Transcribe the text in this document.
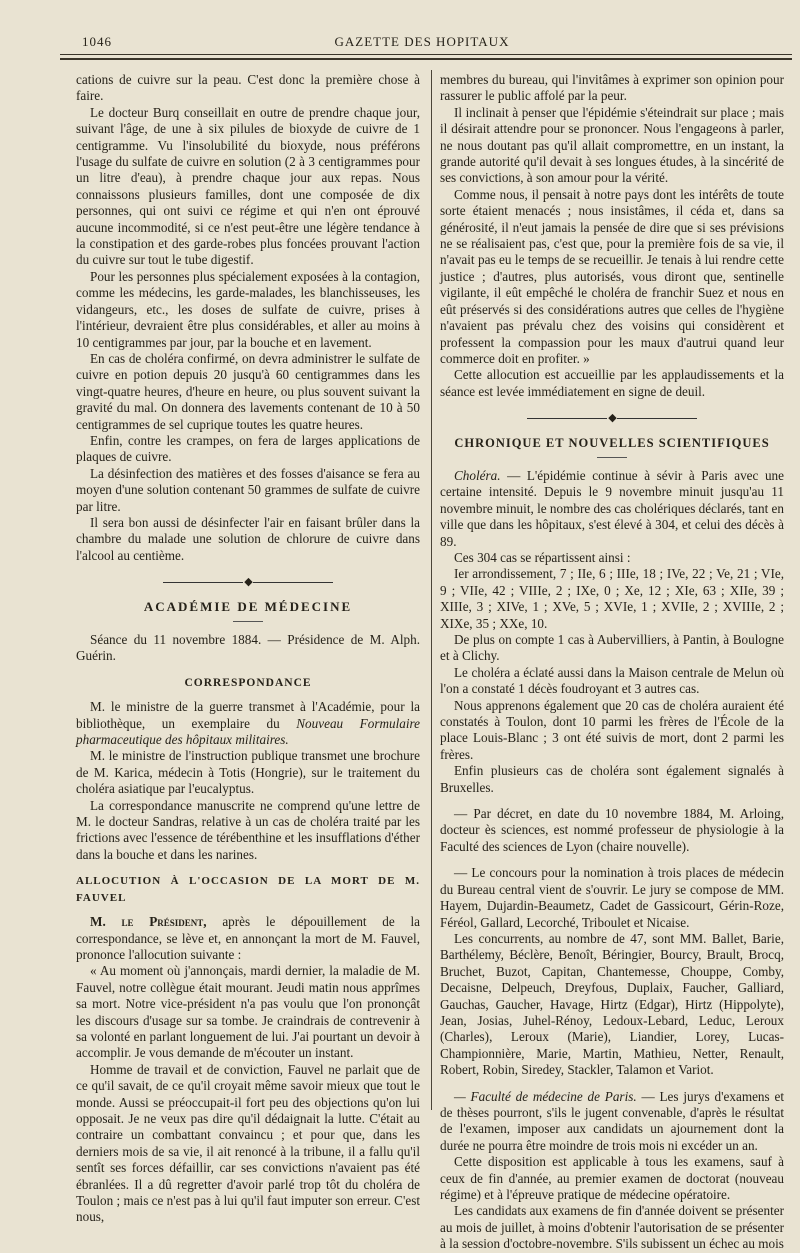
1046	GAZETTE DES HOPITAUX

cations de cuivre sur la peau. C'est donc la première chose à faire.

Le docteur Burq conseillait en outre de prendre chaque jour, suivant l'âge, de une à six pilules de bioxyde de cuivre de 1 centigramme. Vu l'insolubilité du bioxyde, nous préférons l'usage du sulfate de cuivre en solution (2 à 3 centigrammes pour un litre d'eau), à prendre chaque jour aux repas. Nous connaissons plusieurs familles, dont une composée de dix personnes, qui ont suivi ce régime et qui n'en ont éprouvé aucune incommodité, si ce n'est peut-être une légère tendance à la constipation et des garde-robes plus foncées prouvant l'action du cuivre sur tout le tube digestif.

Pour les personnes plus spécialement exposées à la contagion, comme les médecins, les garde-malades, les blanchisseuses, les vidangeurs, etc., les doses de sulfate de cuivre, prises à l'intérieur, devraient être plus considérables, et aller au moins à 10 centigrammes par jour, par la bouche et en lavement.

En cas de choléra confirmé, on devra administrer le sulfate de cuivre en potion depuis 20 jusqu'à 60 centigrammes dans les vingt-quatre heures, d'heure en heure, ou plus souvent suivant la gravité du mal. On donnera des lavements contenant de 10 à 50 centigrammes de sel cuprique toutes les quatre heures.

Enfin, contre les crampes, on fera de larges applications de plaques de cuivre.

La désinfection des matières et des fosses d'aisance se fera au moyen d'une solution contenant 50 grammes de sulfate de cuivre par litre.

Il sera bon aussi de désinfecter l'air en faisant brûler dans la chambre du malade une solution de chlorure de cuivre dans l'alcool au centième.

◆
ACADÉMIE DE MÉDECINE

Séance du 11 novembre 1884. — Présidence de M. Alph. Guérin.

CORRESPONDANCE

M. le ministre de la guerre transmet à l'Académie, pour la bibliothèque, un exemplaire du Nouveau Formulaire pharmaceutique des hôpitaux militaires.

M. le ministre de l'instruction publique transmet une brochure de M. Karica, médecin à Totis (Hongrie), sur le traitement du choléra asiatique par l'eucalyptus.

La correspondance manuscrite ne comprend qu'une lettre de M. le docteur Sandras, relative à un cas de choléra traité par les frictions avec l'essence de térébenthine et les insufflations d'éther dans la bouche et dans les narines.

ALLOCUTION À L'OCCASION DE LA MORT DE M. FAUVEL

M. le Président, après le dépouillement de la correspondance, se lève et, en annonçant la mort de M. Fauvel, prononce l'allocution suivante :

« Au moment où j'annonçais, mardi dernier, la maladie de M. Fauvel, notre collègue était mourant. Jeudi matin nous apprîmes sa mort. Notre vice-président n'a pas voulu que l'on prononçât les discours d'usage sur sa tombe. Je craindrais de contrevenir à sa volonté en parlant longuement de lui. J'ai pourtant un devoir à accomplir. Je vous demande de m'écouter un instant.

Homme de travail et de conviction, Fauvel ne parlait que de ce qu'il savait, de ce qu'il croyait même savoir mieux que tout le monde. Aussi se préoccupait-il fort peu des objections qu'on lui opposait. Je ne veux pas dire qu'il dédaignait la lutte. C'était au contraire un combattant convaincu ; et pour que, dans les derniers mois de sa vie, il ait renoncé à la tribune, il a fallu qu'il sentît ses forces défaillir, car ses convictions n'avaient pas été ébranlées. Il a dû regretter d'avoir parlé trop tôt du choléra de Toulon ; mais ce n'est pas à lui qu'il faut imputer son erreur. C'est nous,

membres du bureau, qui l'invitâmes à exprimer son opinion pour rassurer le public affolé par la peur.

Il inclinait à penser que l'épidémie s'éteindrait sur place ; mais il désirait attendre pour se prononcer. Nous l'engageons à parler, ne nous doutant pas qu'il allait compromettre, en un instant, la grande autorité qu'il devait à ses longues études, à la sincérité de ses convictions, à son amour pour la vérité.

Comme nous, il pensait à notre pays dont les intérêts de toute sorte étaient menacés ; nous insistâmes, il céda et, dans sa générosité, il n'eut jamais la pensée de dire que si ses prévisions ne se réalisaient pas, c'est que, pour la première fois de sa vie, il n'avait pas eu le temps de se recueillir. Je tenais à lui rendre cette justice ; d'autres, plus autorisés, vous diront que, sentinelle vigilante, il eût empêché le choléra de franchir Suez et nous en eût préservés si des considérations autres que celles de l'hygiène n'avaient pas prévalu chez des voisins qui considèrent et professent la compassion pour les maux d'autrui quand leur commerce doit en profiter. »

Cette allocution est accueillie par les applaudissements et la séance est levée immédiatement en signe de deuil.

◆
CHRONIQUE ET NOUVELLES SCIENTIFIQUES

Choléra. — L'épidémie continue à sévir à Paris avec une certaine intensité. Depuis le 9 novembre minuit jusqu'au 11 novembre minuit, le nombre des cas cholériques déclarés, tant en ville que dans les hôpitaux, s'est élevé à 304, et celui des décès à 89.

Ces 304 cas se répartissent ainsi :

Ier arrondissement, 7 ; IIe, 6 ; IIIe, 18 ; IVe, 22 ; Ve, 21 ; VIe, 9 ; VIIe, 42 ; VIIIe, 2 ; IXe, 0 ; Xe, 12 ; XIe, 63 ; XIIe, 39 ; XIIIe, 3 ; XIVe, 1 ; XVe, 5 ; XVIe, 1 ; XVIIe, 2 ; XVIIIe, 2 ; XIXe, 35 ; XXe, 10.

De plus on compte 1 cas à Aubervilliers, à Pantin, à Boulogne et à Clichy.

Le choléra a éclaté aussi dans la Maison centrale de Melun où l'on a constaté 1 décès foudroyant et 3 autres cas.

Nous apprenons également que 20 cas de choléra auraient été constatés à Toulon, dont 10 parmi les frères de l'École de la place Louis-Blanc ; 3 ont été suivis de mort, dont 2 parmi les frères.

Enfin plusieurs cas de choléra sont également signalés à Bruxelles.

— Par décret, en date du 10 novembre 1884, M. Arloing, docteur ès sciences, est nommé professeur de physiologie à la Faculté des sciences de Lyon (chaire nouvelle).

— Le concours pour la nomination à trois places de médecin du Bureau central vient de s'ouvrir. Le jury se compose de MM. Hayem, Dujardin-Beaumetz, Cadet de Gassicourt, Gérin-Roze, Féréol, Gallard, Lecorché, Triboulet et Nicaise.

Les concurrents, au nombre de 47, sont MM. Ballet, Barie, Barthélemy, Béclère, Benoît, Béringier, Bourcy, Brault, Brocq, Bruchet, Buzot, Capitan, Chantemesse, Chouppe, Comby, Decaisne, Delpeuch, Dreyfous, Duplaix, Faucher, Galliard, Gauchas, Gaucher, Havage, Hirtz (Edgar), Hirtz (Hippolyte), Jean, Josias, Juhel-Rénoy, Ledoux-Lebard, Leduc, Leroux (Charles), Leroux (Marie), Liandier, Lorey, Lucas-Championnière, Marie, Martin, Mathieu, Netter, Renault, Robert, Robin, Siredey, Stackler, Talamon et Variot.

— Faculté de médecine de Paris. — Les jurys d'examens et de thèses pourront, s'ils le jugent convenable, d'après le résultat de l'examen, imposer aux candidats un ajournement dont la durée ne pourra être moindre de trois mois ni excéder un an.

Cette disposition est applicable à tous les examens, sauf à ceux de fin d'année, au premier examen de doctorat (nouveau régime) et à l'épreuve pratique de médecine opératoire.

Les candidats aux examens de fin d'année doivent se présenter au mois de juillet, à moins d'obtenir l'autorisation de se présenter à la session d'octobre-novembre. S'ils subissent un échec au mois
